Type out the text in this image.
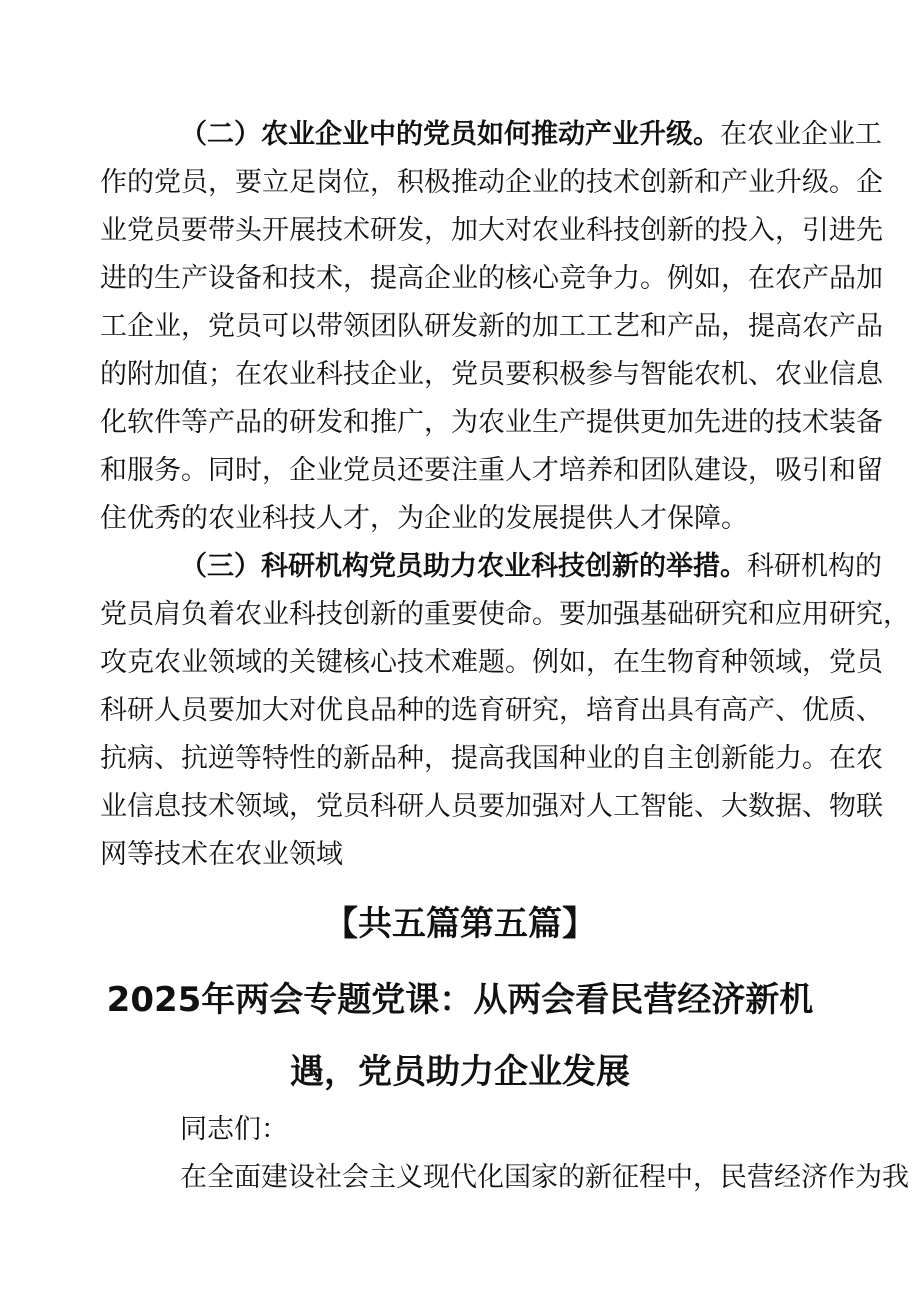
（二）农业企业中的党员如何推动产业升级。在农业企业工
作的党员，要立足岗位，积极推动企业的技术创新和产业升级。企
业党员要带头开展技术研发，加大对农业科技创新的投入，引进先
进的生产设备和技术，提高企业的核心竞争力。例如，在农产品加
工企业，党员可以带领团队研发新的加工工艺和产品，提高农产品
的附加值；在农业科技企业，党员要积极参与智能农机、农业信息
化软件等产品的研发和推广，为农业生产提供更加先进的技术装备
和服务。同时，企业党员还要注重人才培养和团队建设，吸引和留
住优秀的农业科技人才，为企业的发展提供人才保障。
（三）科研机构党员助力农业科技创新的举措。科研机构的
党员肩负着农业科技创新的重要使命。要加强基础研究和应用研究，
攻克农业领域的关键核心技术难题。例如，在生物育种领域，党员
科研人员要加大对优良品种的选育研究，培育出具有高产、优质、
抗病、抗逆等特性的新品种，提高我国种业的自主创新能力。在农
业信息技术领域，党员科研人员要加强对人工智能、大数据、物联
网等技术在农业领域
【共五篇第五篇】
2025年两会专题党课：从两会看民营经济新机
遇，党员助力企业发展
同志们：
在全面建设社会主义现代化国家的新征程中，民营经济作为我
